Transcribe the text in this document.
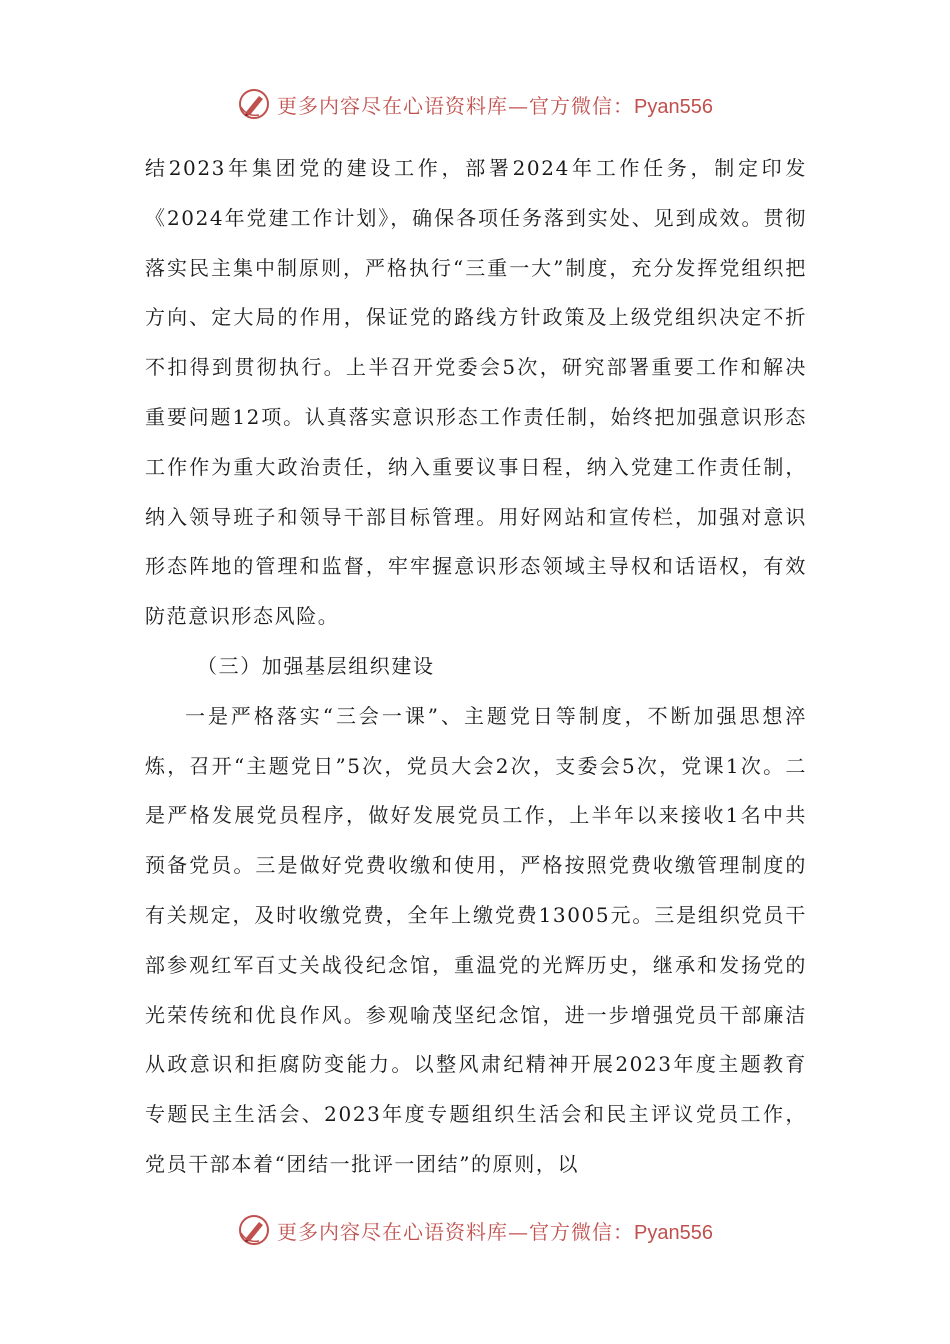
更多内容尽在心语资料库—官方微信：Pyan556

结2023年集团党的建设工作，部署2024年工作任务，制定印发《2024年党建工作计划》，确保各项任务落到实处、见到成效。贯彻落实民主集中制原则，严格执行“三重一大”制度，充分发挥党组织把方向、定大局的作用，保证党的路线方针政策及上级党组织决定不折不扣得到贯彻执行。上半召开党委会5次，研究部署重要工作和解决重要问题12项。认真落实意识形态工作责任制，始终把加强意识形态工作作为重大政治责任，纳入重要议事日程，纳入党建工作责任制，纳入领导班子和领导干部目标管理。用好网站和宣传栏，加强对意识形态阵地的管理和监督，牢牢握意识形态领域主导权和话语权，有效防范意识形态风险。

（三）加强基层组织建设

一是严格落实“三会一课”、主题党日等制度，不断加强思想淬炼，召开“主题党日”5次，党员大会2次，支委会5次，党课1次。二是严格发展党员程序，做好发展党员工作，上半年以来接收1名中共预备党员。三是做好党费收缴和使用，严格按照党费收缴管理制度的有关规定，及时收缴党费，全年上缴党费13005元。三是组织党员干部参观红军百丈关战役纪念馆，重温党的光辉历史，继承和发扬党的光荣传统和优良作风。参观喻茂坚纪念馆，进一步增强党员干部廉洁从政意识和拒腐防变能力。以整风肃纪精神开展2023年度主题教育专题民主生活会、2023年度专题组织生活会和民主评议党员工作，党员干部本着“团结一批评一团结”的原则，以

更多内容尽在心语资料库—官方微信：Pyan556
